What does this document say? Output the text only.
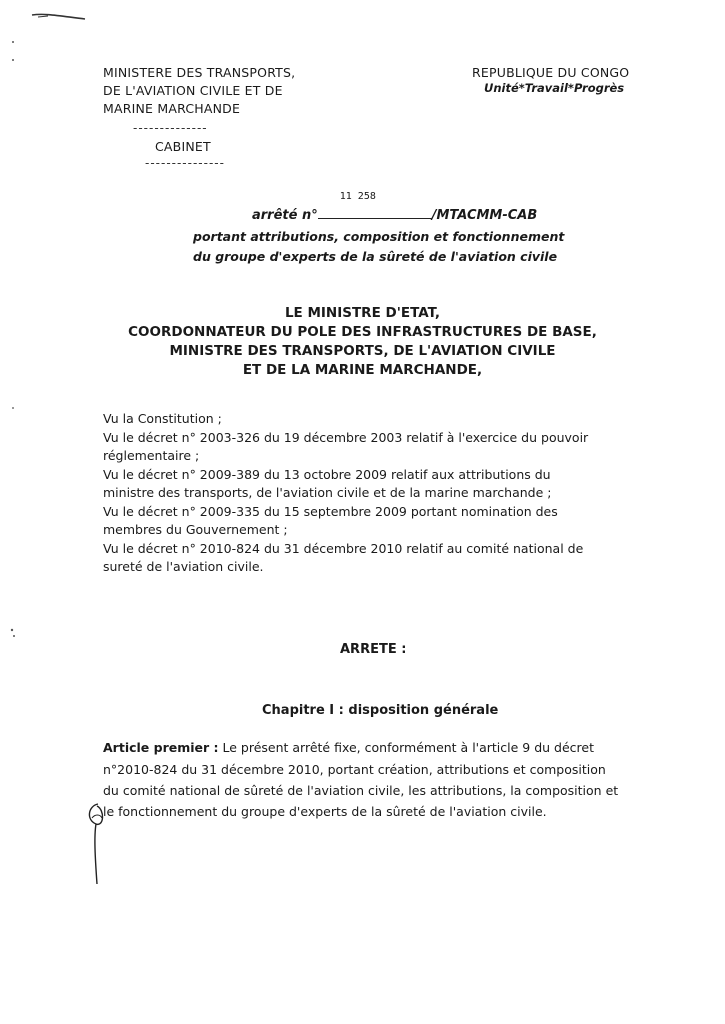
MINISTERE DES TRANSPORTS,
DE L'AVIATION CIVILE ET DE
MARINE MARCHANDE
--------------
CABINET
---------------
REPUBLIQUE DU CONGO
Unité*Travail*Progrès
arrêté n°
11 258
/MTACMM-CAB
portant attributions, composition et fonctionnement
du groupe d'experts de la sûreté de l'aviation civile
LE MINISTRE D'ETAT,
COORDONNATEUR DU POLE DES INFRASTRUCTURES DE BASE,
MINISTRE DES TRANSPORTS, DE L'AVIATION CIVILE
ET DE LA MARINE MARCHANDE,
Vu la Constitution ;
Vu le décret n° 2003-326 du 19 décembre 2003 relatif à l'exercice du pouvoir
réglementaire ;
Vu le décret n° 2009-389 du 13 octobre 2009 relatif aux attributions du
ministre des transports, de l'aviation civile et de la marine marchande ;
Vu le décret n° 2009-335 du 15 septembre 2009 portant nomination des
membres du Gouvernement ;
Vu le décret n° 2010-824 du 31 décembre 2010 relatif au comité national de
sureté de l'aviation civile.
ARRETE :
Chapitre I : disposition générale
Article premier : Le présent arrêté fixe, conformément à l'article 9 du décret
n°2010-824 du 31 décembre 2010, portant création, attributions et composition
du comité national de sûreté de l'aviation civile, les attributions, la composition et
le fonctionnement du groupe d'experts de la sûreté de l'aviation civile.
